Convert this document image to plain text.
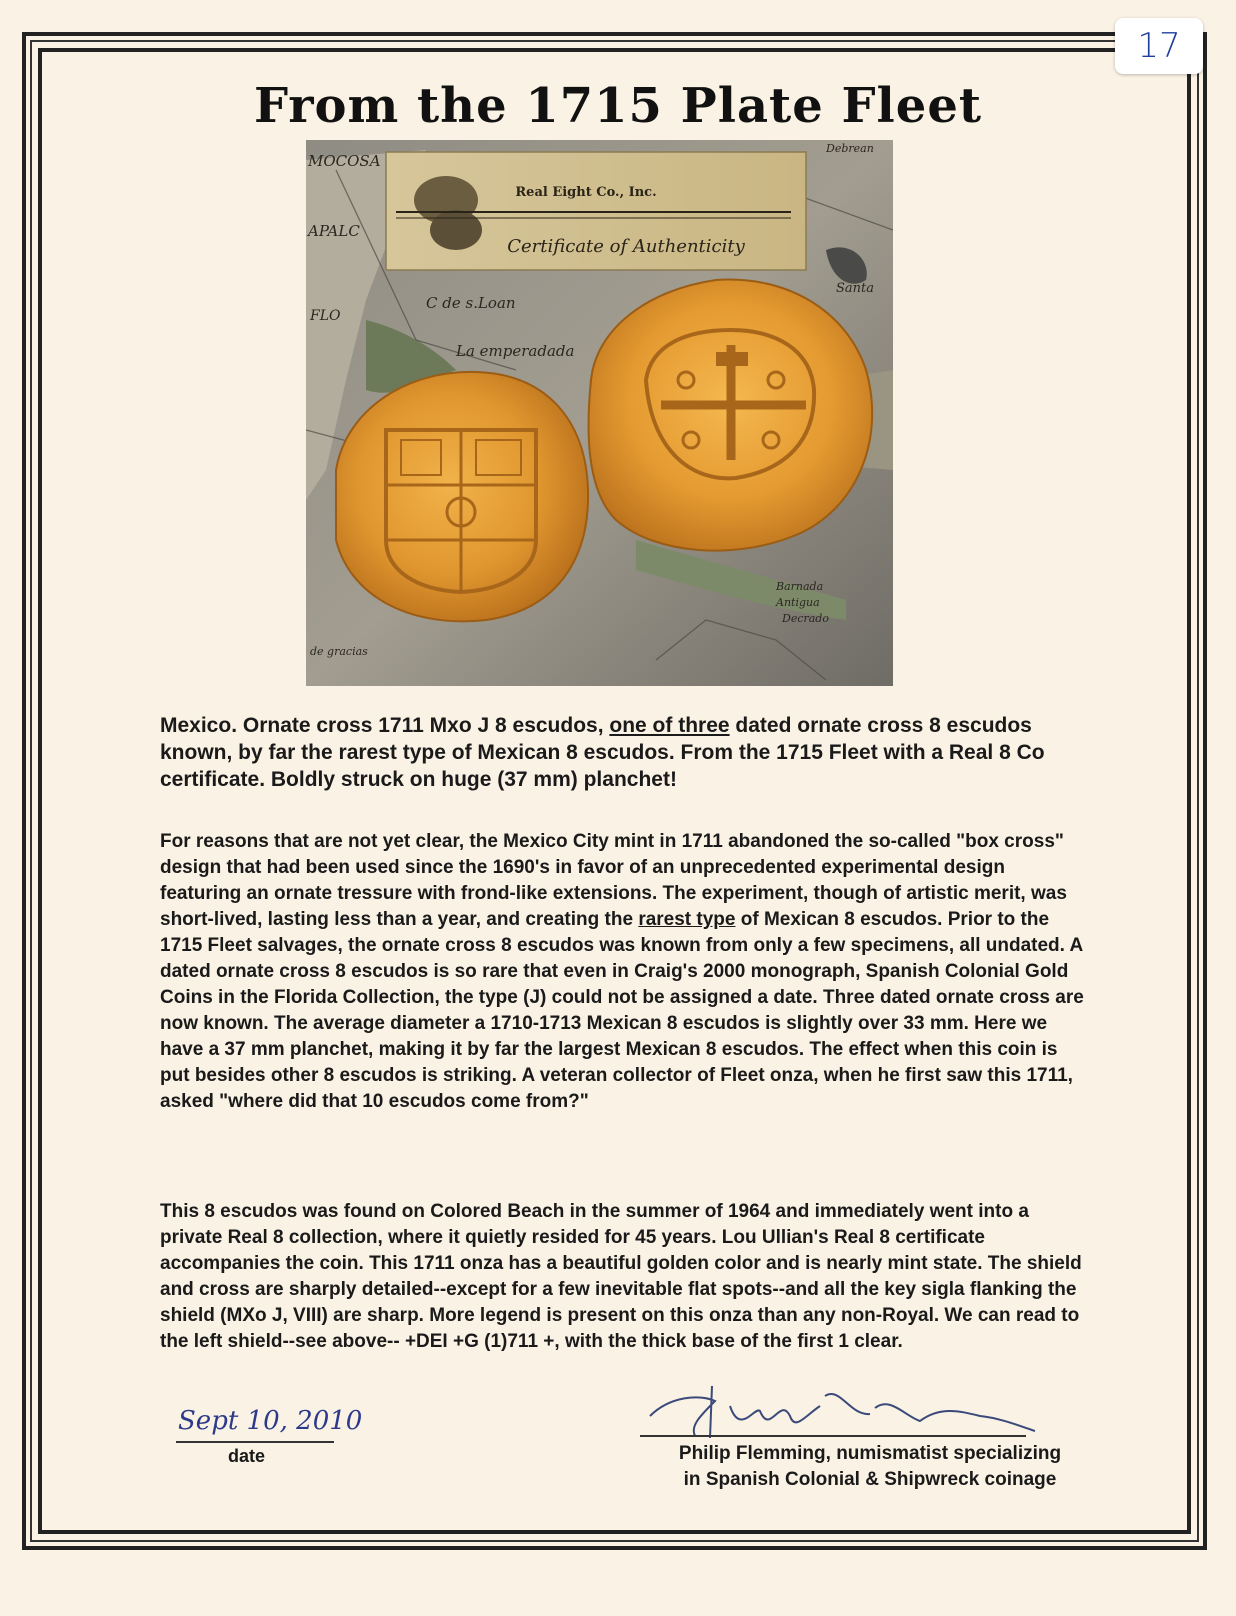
17
From the 1715 Plate Fleet
MOCOSA
APALC
FLO
C de s.Loan
La emperadada
Santa
Debrean
Barnada
Antigua
Decrado
de gracias
Real Eight Co., Inc.
Certificate of Authenticity
Mexico. Ornate cross 1711 Mxo J 8 escudos, one of three dated ornate cross 8 escudos known, by far the rarest type of Mexican 8 escudos. From the 1715 Fleet with a Real 8 Co certificate. Boldly struck on huge (37 mm) planchet!
For reasons that are not yet clear, the Mexico City mint in 1711 abandoned the so-called "box cross" design that had been used since the 1690's in favor of an unprecedented experimental design featuring an ornate tressure with frond-like extensions. The experiment, though of artistic merit, was short-lived, lasting less than a year, and creating the rarest type of Mexican 8 escudos. Prior to the 1715 Fleet salvages, the ornate cross 8 escudos was known from only a few specimens, all undated. A dated ornate cross 8 escudos is so rare that even in Craig's 2000 monograph, Spanish Colonial Gold Coins in the Florida Collection, the type (J) could not be assigned a date. Three dated ornate cross are now known. The average diameter a 1710-1713 Mexican 8 escudos is slightly over 33 mm. Here we have a 37 mm planchet, making it by far the largest Mexican 8 escudos. The effect when this coin is put besides other 8 escudos is striking. A veteran collector of Fleet onza, when he first saw this 1711, asked "where did that 10 escudos come from?"
This 8 escudos was found on Colored Beach in the summer of 1964 and immediately went into a private Real 8 collection, where it quietly resided for 45 years. Lou Ullian's Real 8 certificate accompanies the coin. This 1711 onza has a beautiful golden color and is nearly mint state. The shield and cross are sharply detailed--except for a few inevitable flat spots--and all the key sigla flanking the shield (MXo J, VIII) are sharp. More legend is present on this onza than any non-Royal. We can read to the left shield--see above-- +DEI +G (1)711 +, with the thick base of the first 1 clear.
Sept 10, 2010
date	Philip Flemming, numismatist specializing
in Spanish Colonial & Shipwreck coinage
